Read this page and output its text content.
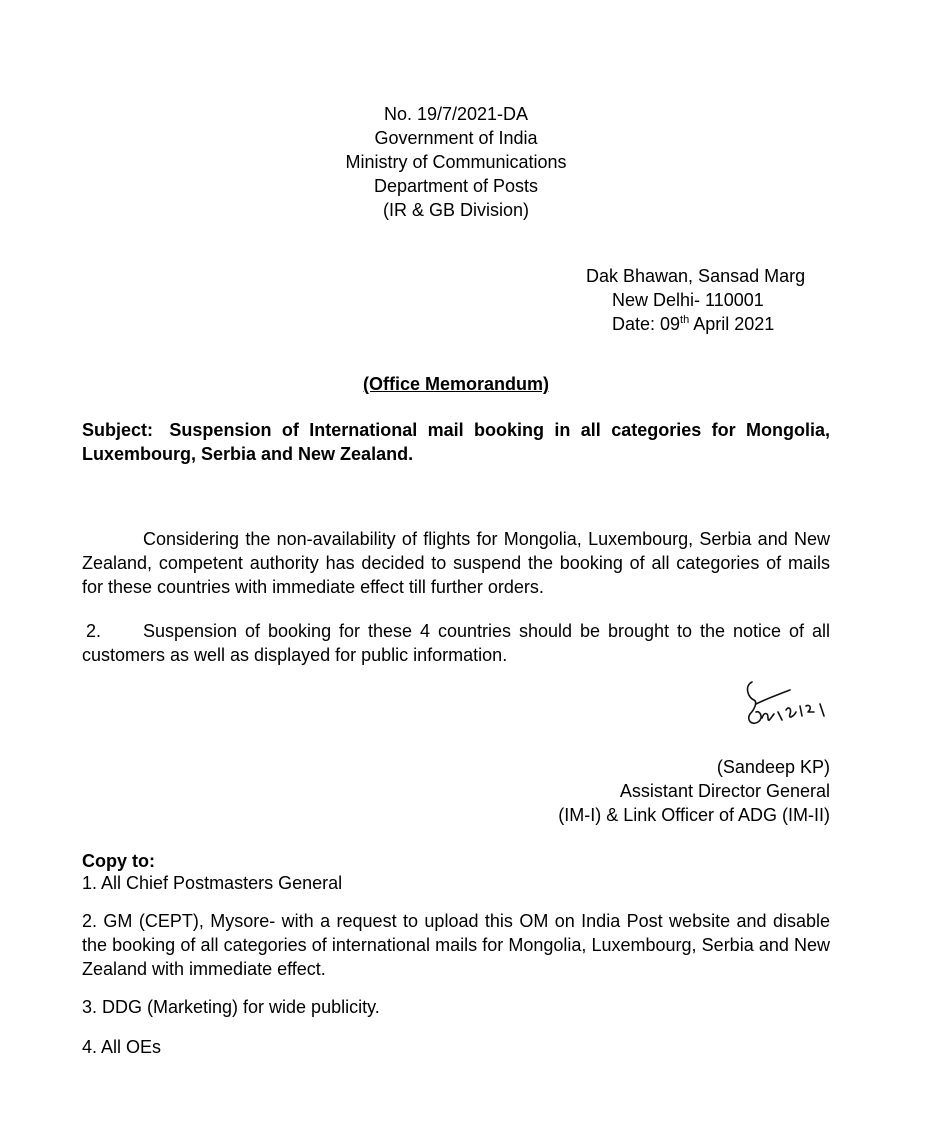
No. 19/7/2021-DA
Government of India
Ministry of Communications
Department of Posts
(IR & GB Division)
Dak Bhawan, Sansad Marg
New Delhi- 110001
Date: 09th April 2021
(Office Memorandum)
Subject: Suspension of International mail booking in all categories for Mongolia, Luxembourg, Serbia and New Zealand.
Considering the non-availability of flights for Mongolia, Luxembourg, Serbia and New Zealand, competent authority has decided to suspend the booking of all categories of mails for these countries with immediate effect till further orders.
2. Suspension of booking for these 4 countries should be brought to the notice of all customers as well as displayed for public information.
(Sandeep KP)
Assistant Director General
(IM-I) & Link Officer of ADG (IM-II)
Copy to:
1. All Chief Postmasters General
2. GM (CEPT), Mysore- with a request to upload this OM on India Post website and disable the booking of all categories of international mails for Mongolia, Luxembourg, Serbia and New Zealand with immediate effect.
3. DDG (Marketing) for wide publicity.
4. All OEs
